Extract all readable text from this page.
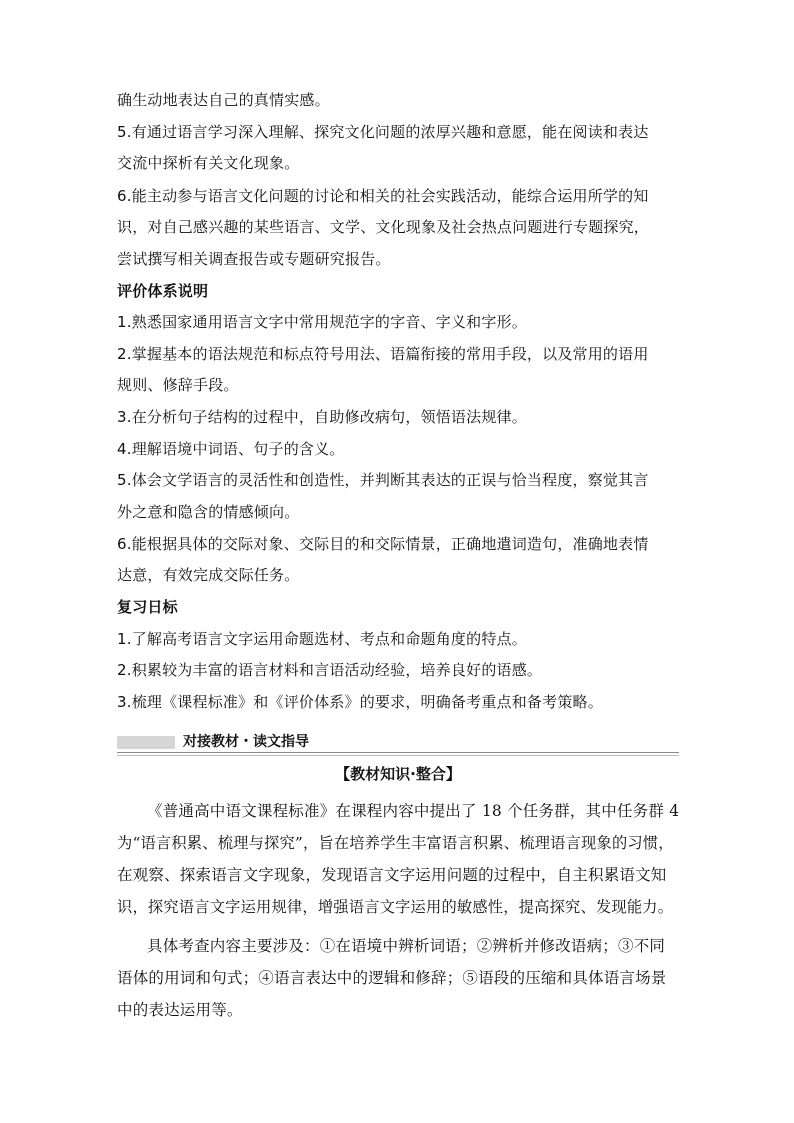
确生动地表达自己的真情实感。
5.有通过语言学习深入理解、探究文化问题的浓厚兴趣和意愿，能在阅读和表达
交流中探析有关文化现象。
6.能主动参与语言文化问题的讨论和相关的社会实践活动，能综合运用所学的知
识，对自己感兴趣的某些语言、文学、文化现象及社会热点问题进行专题探究，
尝试撰写相关调查报告或专题研究报告。
评价体系说明
1.熟悉国家通用语言文字中常用规范字的字音、字义和字形。
2.掌握基本的语法规范和标点符号用法、语篇衔接的常用手段，以及常用的语用
规则、修辞手段。
3.在分析句子结构的过程中，自助修改病句，领悟语法规律。
4.理解语境中词语、句子的含义。
5.体会文学语言的灵活性和创造性，并判断其表达的正误与恰当程度，察觉其言
外之意和隐含的情感倾向。
6.能根据具体的交际对象、交际目的和交际情景，正确地遣词造句，准确地表情
达意，有效完成交际任务。
复习日标
1.了解高考语言文字运用命题选材、考点和命题角度的特点。
2.积累较为丰富的语言材料和言语活动经验，培养良好的语感。
3.梳理《课程标准》和《评价体系》的要求，明确备考重点和备考策略。
对接教材・读文指导
【教材知识·整合】
《普通高中语文课程标准》在课程内容中提出了 18 个任务群，其中任务群 4
为“语言积累、梳理与探究”，旨在培养学生丰富语言积累、梳理语言现象的习惯，
在观察、探索语言文字现象，发现语言文字运用问题的过程中，自主积累语文知
识，探究语言文字运用规律，增强语言文字运用的敏感性，提高探究、发现能力。
具体考查内容主要涉及：①在语境中辨析词语；②辨析并修改语病；③不同
语体的用词和句式；④语言表达中的逻辑和修辞；⑤语段的压缩和具体语言场景
中的表达运用等。
